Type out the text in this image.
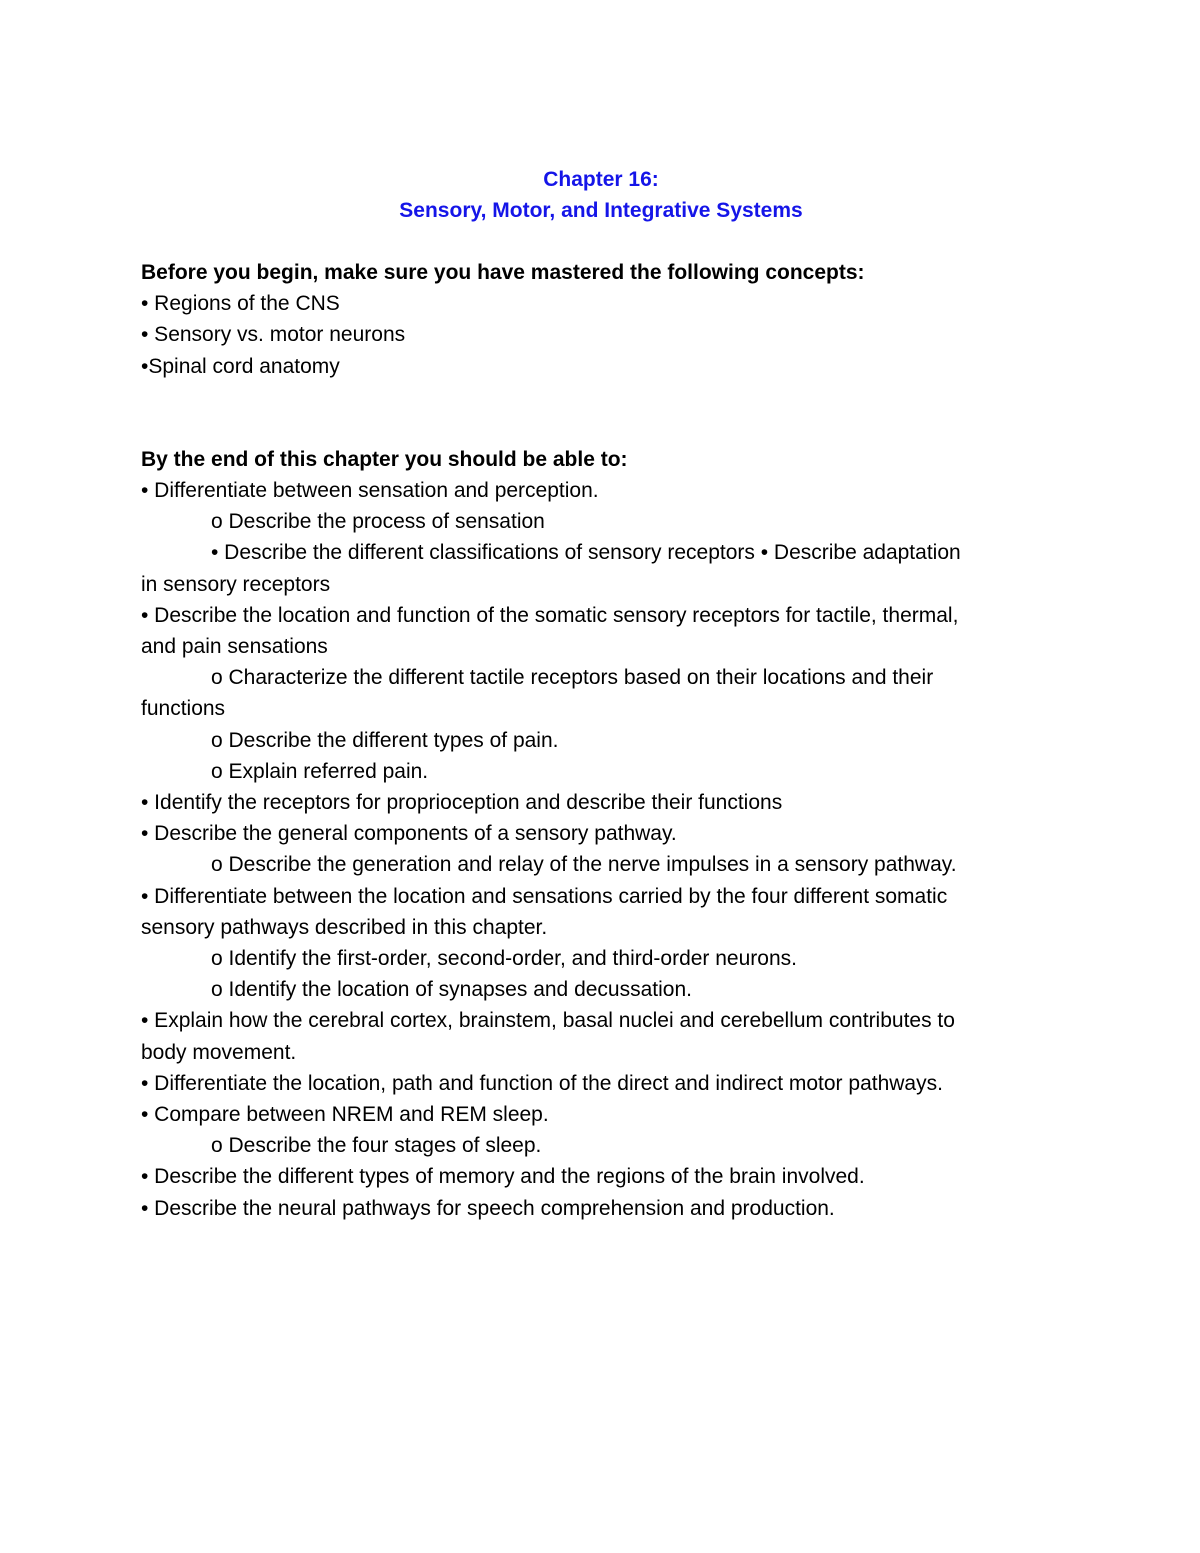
Chapter 16:

Sensory, Motor, and Integrative Systems

Before you begin, make sure you have mastered the following concepts:

• Regions of the CNS

• Sensory vs. motor neurons

•Spinal cord anatomy

By the end of this chapter you should be able to:

• Differentiate between sensation and perception.

o Describe the process of sensation

• Describe the different classifications of sensory receptors • Describe adaptation

in sensory receptors

• Describe the location and function of the somatic sensory receptors for tactile, thermal,

and pain sensations

o Characterize the different tactile receptors based on their locations and their

functions

o Describe the different types of pain.

o Explain referred pain.

• Identify the receptors for proprioception and describe their functions

• Describe the general components of a sensory pathway.

o Describe the generation and relay of the nerve impulses in a sensory pathway.

• Differentiate between the location and sensations carried by the four different somatic

sensory pathways described in this chapter.

o Identify the first-order, second-order, and third-order neurons.

o Identify the location of synapses and decussation.

• Explain how the cerebral cortex, brainstem, basal nuclei and cerebellum contributes to

body movement.

• Differentiate the location, path and function of the direct and indirect motor pathways.

• Compare between NREM and REM sleep.

o Describe the four stages of sleep.

• Describe the different types of memory and the regions of the brain involved.

• Describe the neural pathways for speech comprehension and production.
